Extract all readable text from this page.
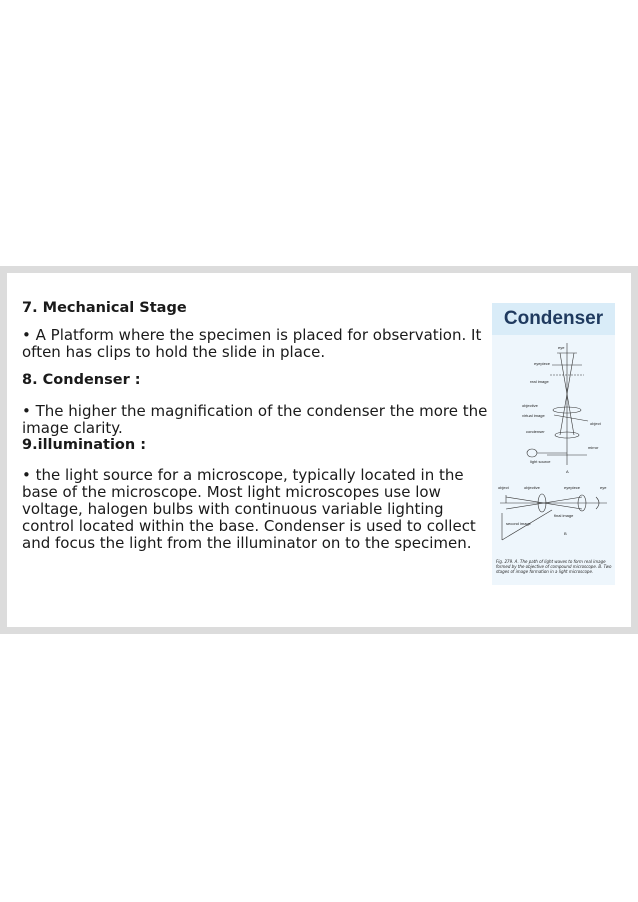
7. Mechanical Stage

• A Platform where the specimen is placed for observation. It often has clips to hold the slide in place.

8. Condenser :

• The higher the magnification of the condenser the more the image clarity.

9.illumination :

• the light source for a microscope, typically located in the base of the microscope. Most light microscopes use low voltage, halogen bulbs with continuous variable lighting control located within the base. Condenser is used to collect and focus the light from the illuminator on to the specimen.

Condenser
eye
eyepiece
real image
objective
virtual image
object
condenser
mirror
light source
A
object	objective	eyepiece	eye
final image
second image
B
Fig. 279. A. The path of light waves to form real image formed by the objective of compound microscope. B. Two stages of image formation in a light microscope.
